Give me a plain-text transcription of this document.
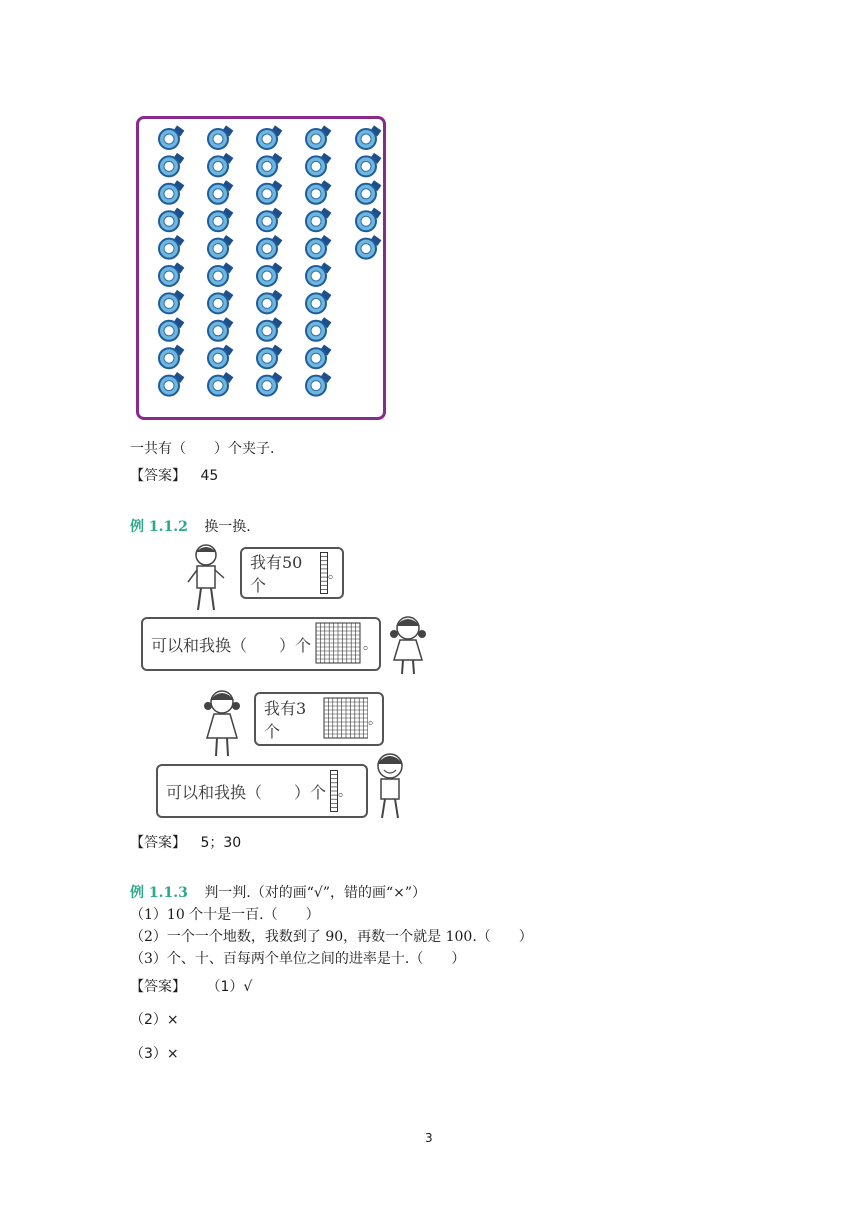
一共有（　　）个夹子.
【答案】 45
例 1.1.2 换一换.
我有50个
。
可以和我换（　　）个	。
我有3个
。
可以和我换（　　）个 。
【答案】 5；30
例 1.1.3 判一判.（对的画“√”，错的画“×”）
（1）10 个十是一百.（　　）
（2）一个一个地数，我数到了 90，再数一个就是 100.（　　）
（3）个、十、百每两个单位之间的进率是十.（　　）
【答案】 （1）√
（2）×
（3）×
3
